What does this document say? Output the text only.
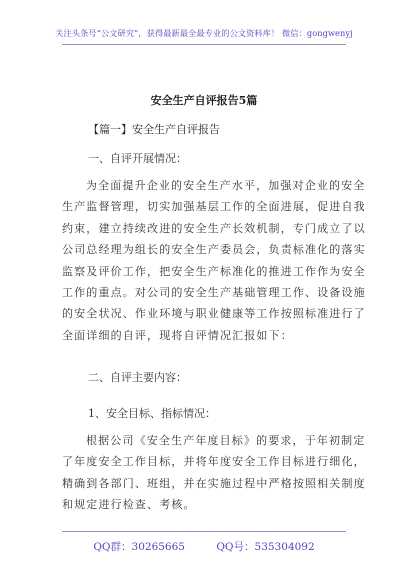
关注头条号“公文研究”，获得最新最全最专业的公文资料库！ 微信：gongwenyj
安全生产自评报告5篇
【篇一】安全生产自评报告
一、自评开展情况：
为全面提升企业的安全生产水平，加强对企业的安全
生产监督管理，切实加强基层工作的全面进展，促进自我
约束，建立持续改进的安全生产长效机制，专门成立了以
公司总经理为组长的安全生产委员会，负责标准化的落实
监察及评价工作，把安全生产标准化的推进工作作为安全
工作的重点。对公司的安全生产基础管理工作、设备设施
的安全状况、作业环境与职业健康等工作按照标准进行了
全面详细的自评，现将自评情况汇报如下：
二、自评主要内容：
1、安全目标、指标情况：
根据公司《安全生产年度目标》的要求，于年初制定
了年度安全工作目标，并将年度安全工作目标进行细化，
精确到各部门、班组，并在实施过程中严格按照相关制度
和规定进行检查、考核。
QQ群：30265665	QQ号：535304092
